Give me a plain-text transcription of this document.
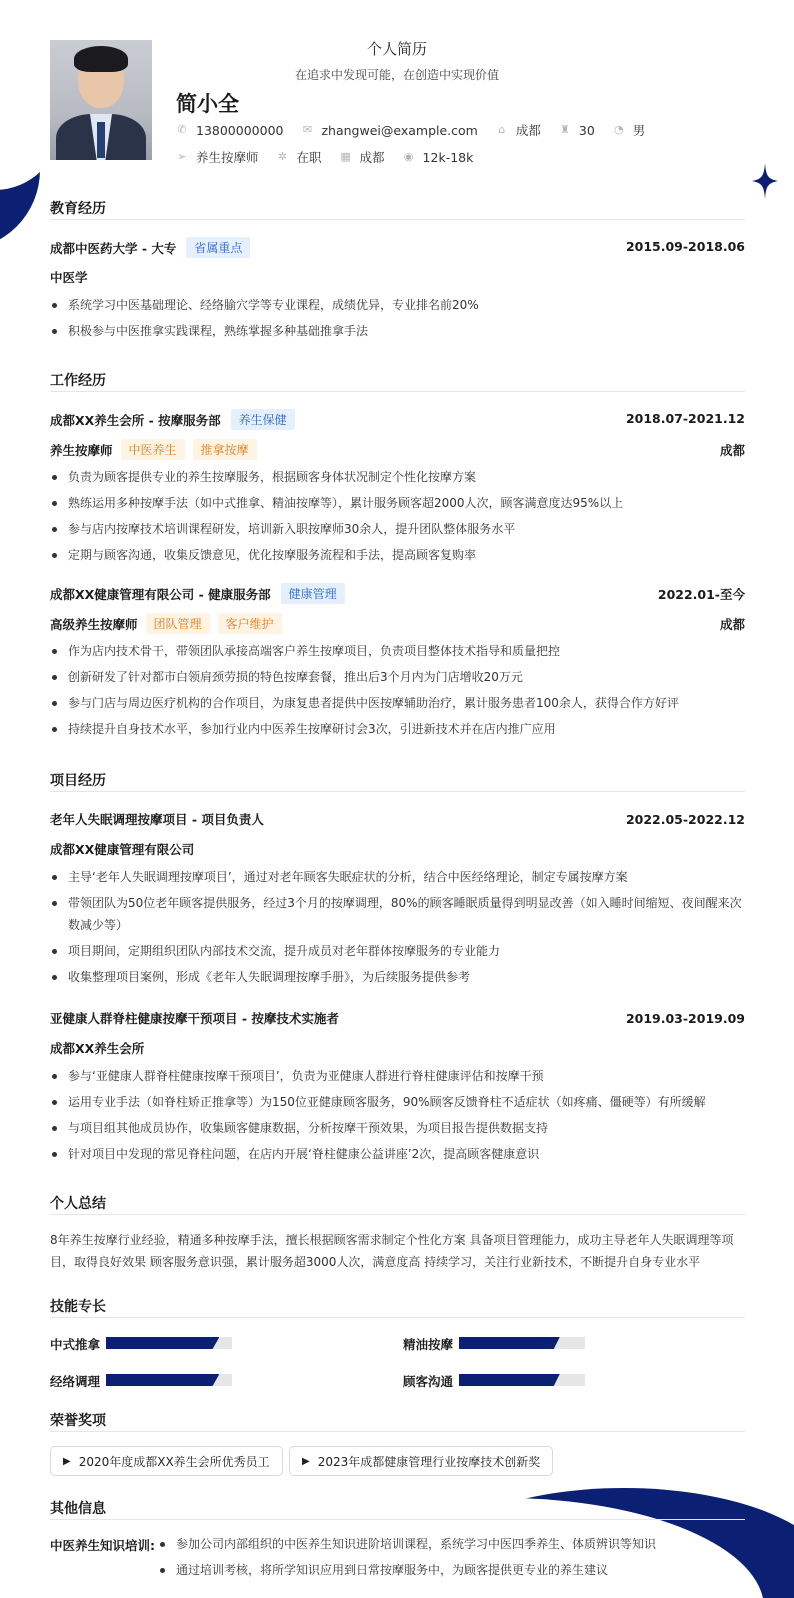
个人简历
在追求中发现可能，在创造中实现价值
简小全
✆ 13800000000 ✉ zhangwei@example.com ⌂ 成都 ♜ 30 ◔ 男
➢ 养生按摩师 ✲ 在职 ▦ 成都 ◉ 12k-18k
教育经历
成都中医药大学 - 大专	省属重点	2015.09-2018.06
中医学
系统学习中医基础理论、经络腧穴学等专业课程，成绩优异，专业排名前20%
积极参与中医推拿实践课程，熟练掌握多种基础推拿手法
工作经历
成都XX养生会所 - 按摩服务部	养生保健	2018.07-2021.12
养生按摩师	中医养生	推拿按摩	成都
负责为顾客提供专业的养生按摩服务，根据顾客身体状况制定个性化按摩方案
熟练运用多种按摩手法（如中式推拿、精油按摩等），累计服务顾客超2000人次，顾客满意度达95%以上
参与店内按摩技术培训课程研发，培训新入职按摩师30余人，提升团队整体服务水平
定期与顾客沟通，收集反馈意见，优化按摩服务流程和手法，提高顾客复购率
成都XX健康管理有限公司 - 健康服务部	健康管理	2022.01-至今
高级养生按摩师	团队管理	客户维护	成都
作为店内技术骨干，带领团队承接高端客户养生按摩项目，负责项目整体技术指导和质量把控
创新研发了针对都市白领肩颈劳损的特色按摩套餐，推出后3个月内为门店增收20万元
参与门店与周边医疗机构的合作项目，为康复患者提供中医按摩辅助治疗，累计服务患者100余人，获得合作方好评
持续提升自身技术水平，参加行业内中医养生按摩研讨会3次，引进新技术并在店内推广应用
项目经历
老年人失眠调理按摩项目 - 项目负责人	2022.05-2022.12
成都XX健康管理有限公司
主导‘老年人失眠调理按摩项目’，通过对老年顾客失眠症状的分析，结合中医经络理论，制定专属按摩方案
带领团队为50位老年顾客提供服务，经过3个月的按摩调理，80%的顾客睡眠质量得到明显改善（如入睡时间缩短、夜间醒来次数减少等）
项目期间，定期组织团队内部技术交流，提升成员对老年群体按摩服务的专业能力
收集整理项目案例，形成《老年人失眠调理按摩手册》，为后续服务提供参考
亚健康人群脊柱健康按摩干预项目 - 按摩技术实施者	2019.03-2019.09
成都XX养生会所
参与‘亚健康人群脊柱健康按摩干预项目’，负责为亚健康人群进行脊柱健康评估和按摩干预
运用专业手法（如脊柱矫正推拿等）为150位亚健康顾客服务，90%顾客反馈脊柱不适症状（如疼痛、僵硬等）有所缓解
与项目组其他成员协作，收集顾客健康数据，分析按摩干预效果，为项目报告提供数据支持
针对项目中发现的常见脊柱问题，在店内开展‘脊柱健康公益讲座’2次，提高顾客健康意识
个人总结
8年养生按摩行业经验，精通多种按摩手法，擅长根据顾客需求制定个性化方案 具备项目管理能力，成功主导老年人失眠调理等项目，取得良好效果 顾客服务意识强，累计服务超3000人次，满意度高 持续学习，关注行业新技术，不断提升自身专业水平
技能专长
中式推拿	精油按摩
经络调理	顾客沟通
荣誉奖项
▶ 2020年度成都XX养生会所优秀员工	▶ 2023年成都健康管理行业按摩技术创新奖
其他信息
中医养生知识培训:	参加公司内部组织的中医养生知识进阶培训课程，系统学习中医四季养生、体质辨识等知识
通过培训考核，将所学知识应用到日常按摩服务中，为顾客提供更专业的养生建议
